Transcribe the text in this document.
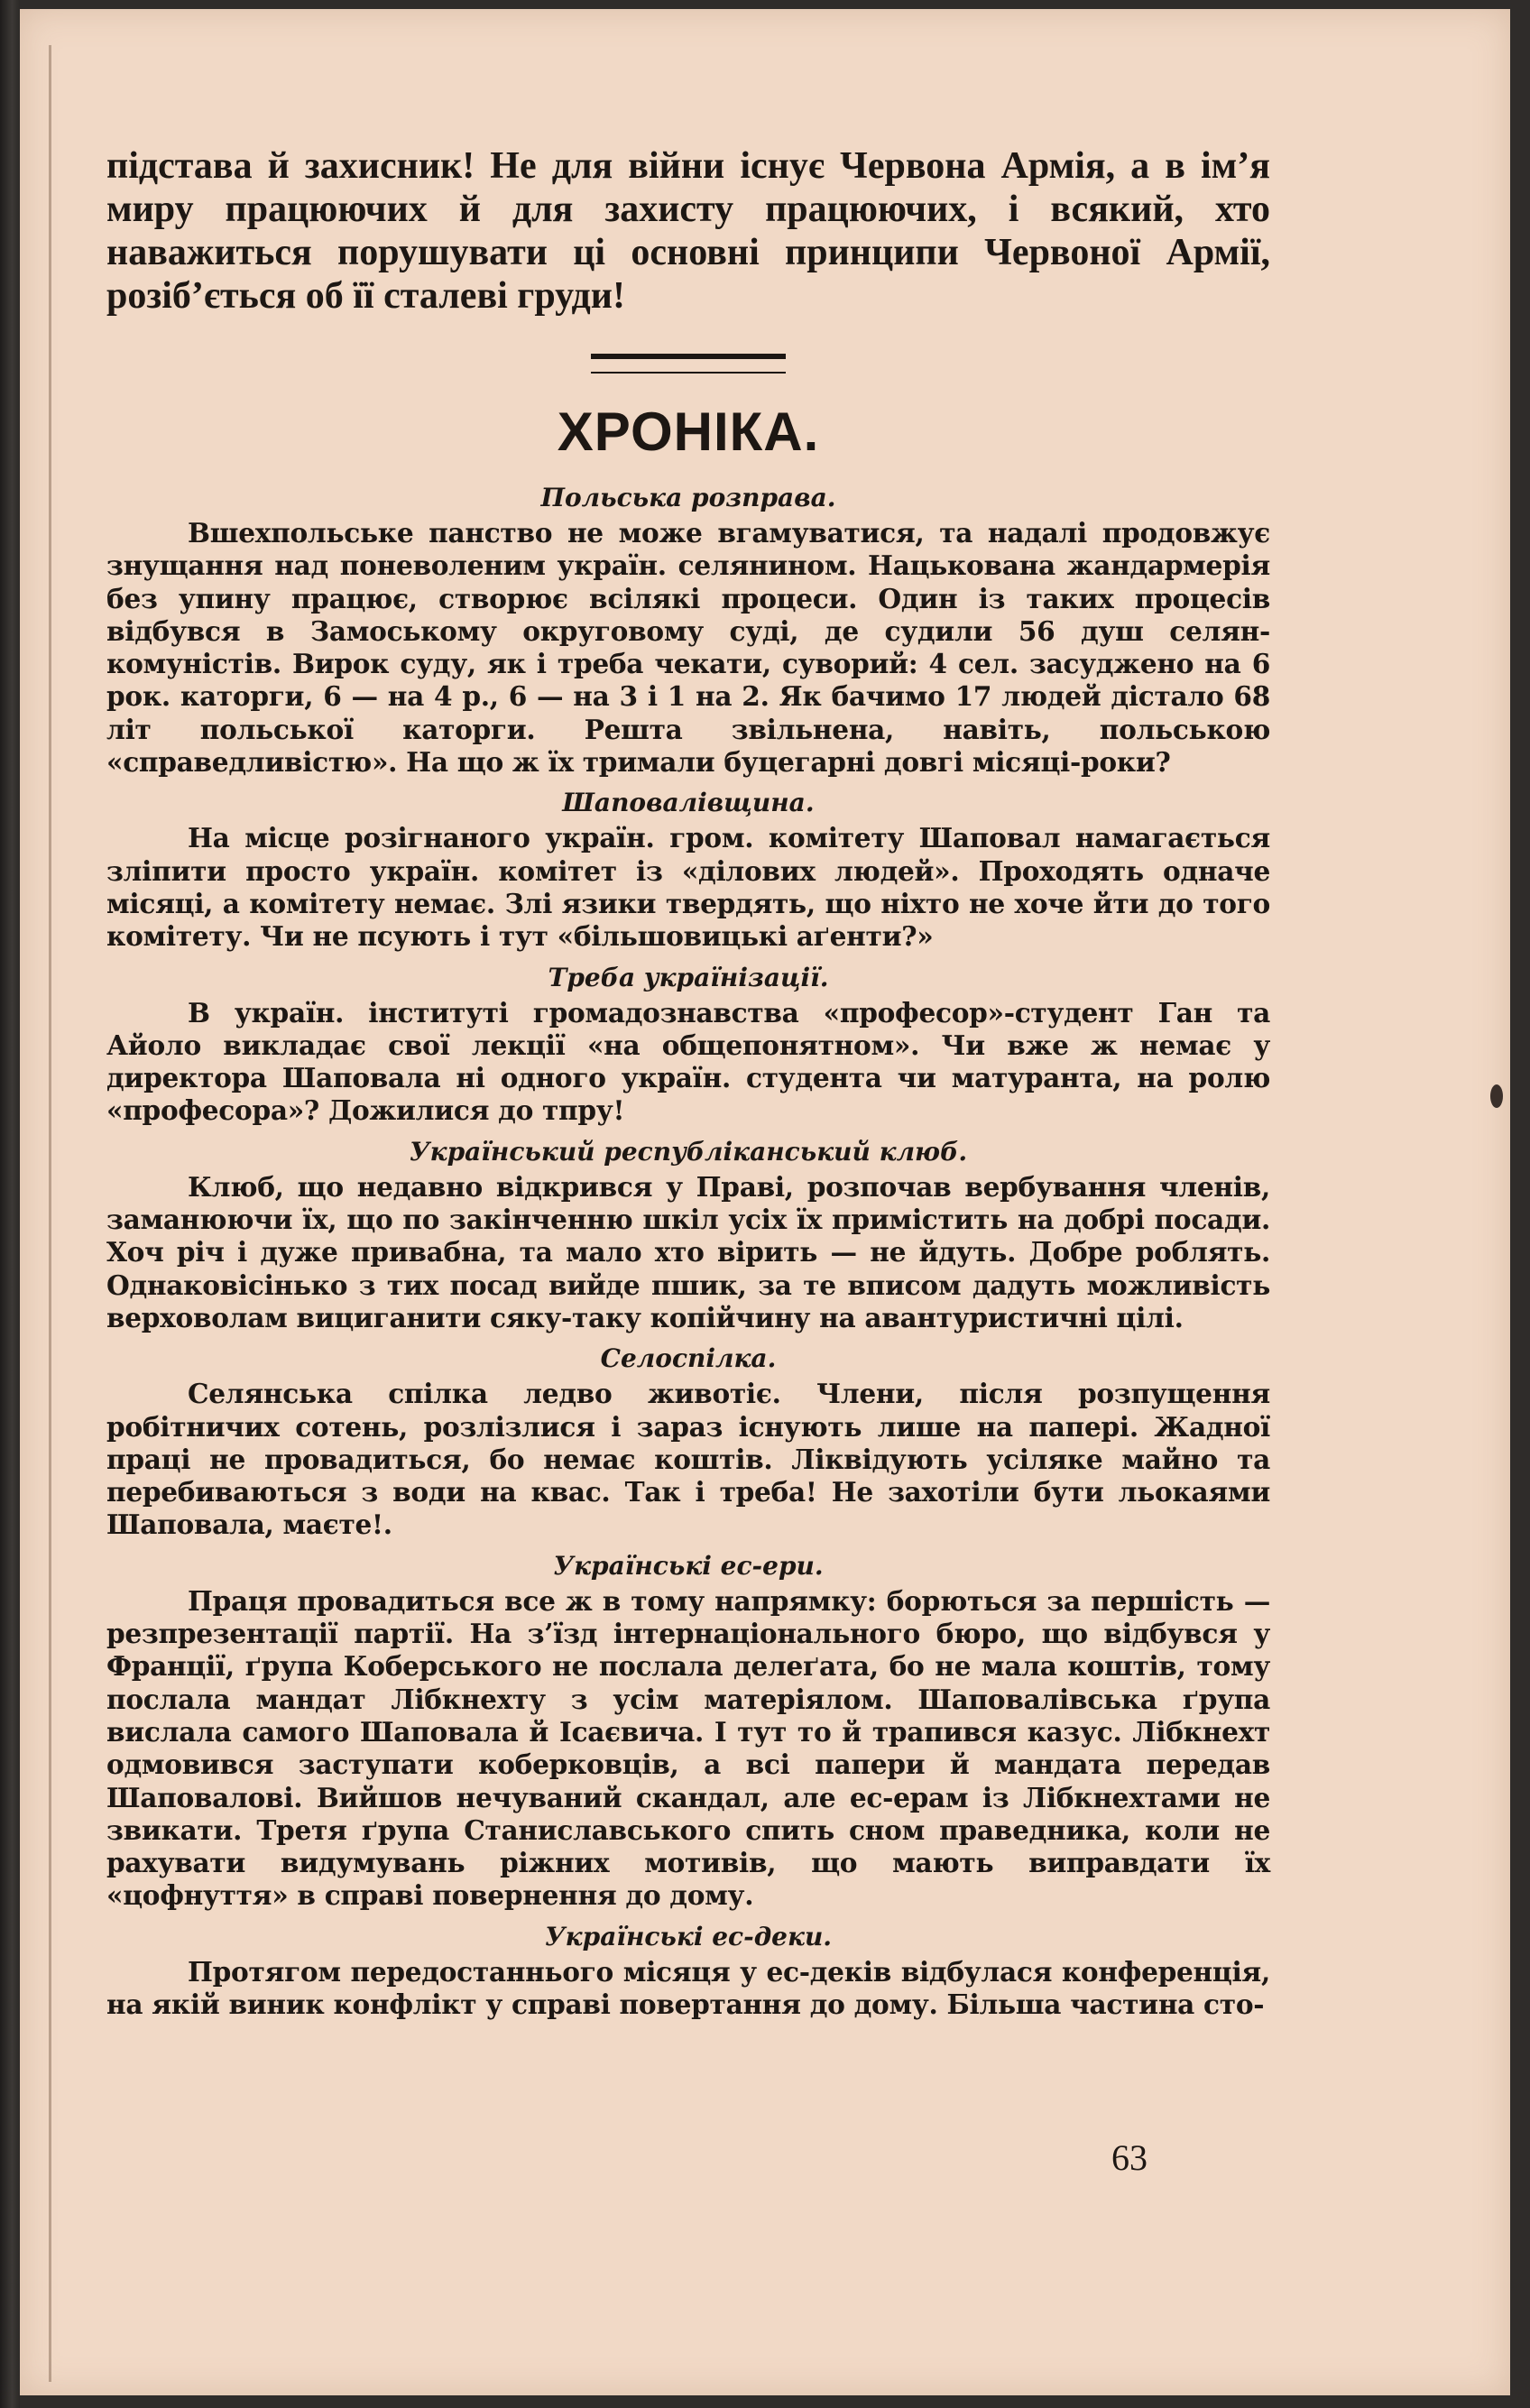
підстава й захисник! Не для війни існує Червона Армія, а в ім’я миру працюючих й для захисту працюючих, і всякий, хто наважиться порушувати ці основні принципи Червоної Армії, розіб’ється об її сталеві груди!

ХРОНІКА.
Польська розправа.

Вшехпольське панство не може вгамуватися, та надалі продовжує знущання над поневоленим україн. селянином. Нацькована жандармерія без упину працює, створює всілякі процеси. Один із таких процесів відбувся в Замоському округовому суді, де судили 56 душ селян-комуністів. Вирок суду, як і треба чекати, суворий: 4 сел. засуджено на 6 рок. каторги, 6 — на 4 р., 6 — на 3 і 1 на 2. Як бачимо 17 людей дістало 68 літ польської каторги. Решта звільнена, навіть, польською «справедливістю». На що ж їх тримали буцегарні довгі місяці-роки?

Шаповалівщина.

На місце розігнаного україн. гром. комітету Шаповал намагається зліпити просто україн. комітет із «ділових людей». Проходять одначе місяці, а комітету немає. Злі язики твердять, що ніхто не хоче йти до того комітету. Чи не псують і тут «більшовицькі аґенти?»

Треба українізації.

В україн. інституті громадознавства «професор»-студент Ган та Айоло викладає свої лекції «на общепонятном». Чи вже ж немає у директора Шаповала ні одного україн. студента чи матуранта, на ролю «професора»? Дожилися до тпру!

Український республіканський клюб.

Клюб, що недавно відкрився у Праві, розпочав вербування членів, заманюючи їх, що по закінченню шкіл усіх їх примістить на добрі посади. Хоч річ і дуже привабна, та мало хто вірить — не йдуть. Добре роблять. Однаковісінько з тих посад вийде пшик, за те вписом дадуть можливість верховолам вициганити сяку-таку копійчину на авантуристичні цілі.

Селоспілка.

Селянська спілка ледво животіє. Члени, після розпущення робітничих сотень, розлізлися і зараз існують лише на папері. Жадної праці не провадиться, бо немає коштів. Ліквідують усіляке майно та перебиваються з води на квас. Так і треба! Не захотіли бути льокаями Шаповала, маєте!.

Українські ес-ери.

Праця провадиться все ж в тому напрямку: борються за першість — резпрезентації партії. На з’їзд інтернаціонального бюро, що відбувся у Франції, ґрупа Коберського не послала делеґата, бо не мала коштів, тому послала мандат Лібкнехту з усім матеріялом. Шаповалівська ґрупа вислала самого Шаповала й Ісаєвича. І тут то й трапився казус. Лібкнехт одмовився заступати коберковців, а всі папери й мандата передав Шаповалові. Вийшов нечуваний скандал, але ес-ерам із Лібкнехтами не звикати. Третя ґрупа Станиславського спить сном праведника, коли не рахувати видумувань ріжних мотивів, що мають виправдати їх «цофнуття» в справі повернення до дому.

Українські ес-деки.

Протягом передостаннього місяця у ес-деків відбулася конференція, на якій виник конфлікт у справі повертання до дому. Більша частина сто-

63
